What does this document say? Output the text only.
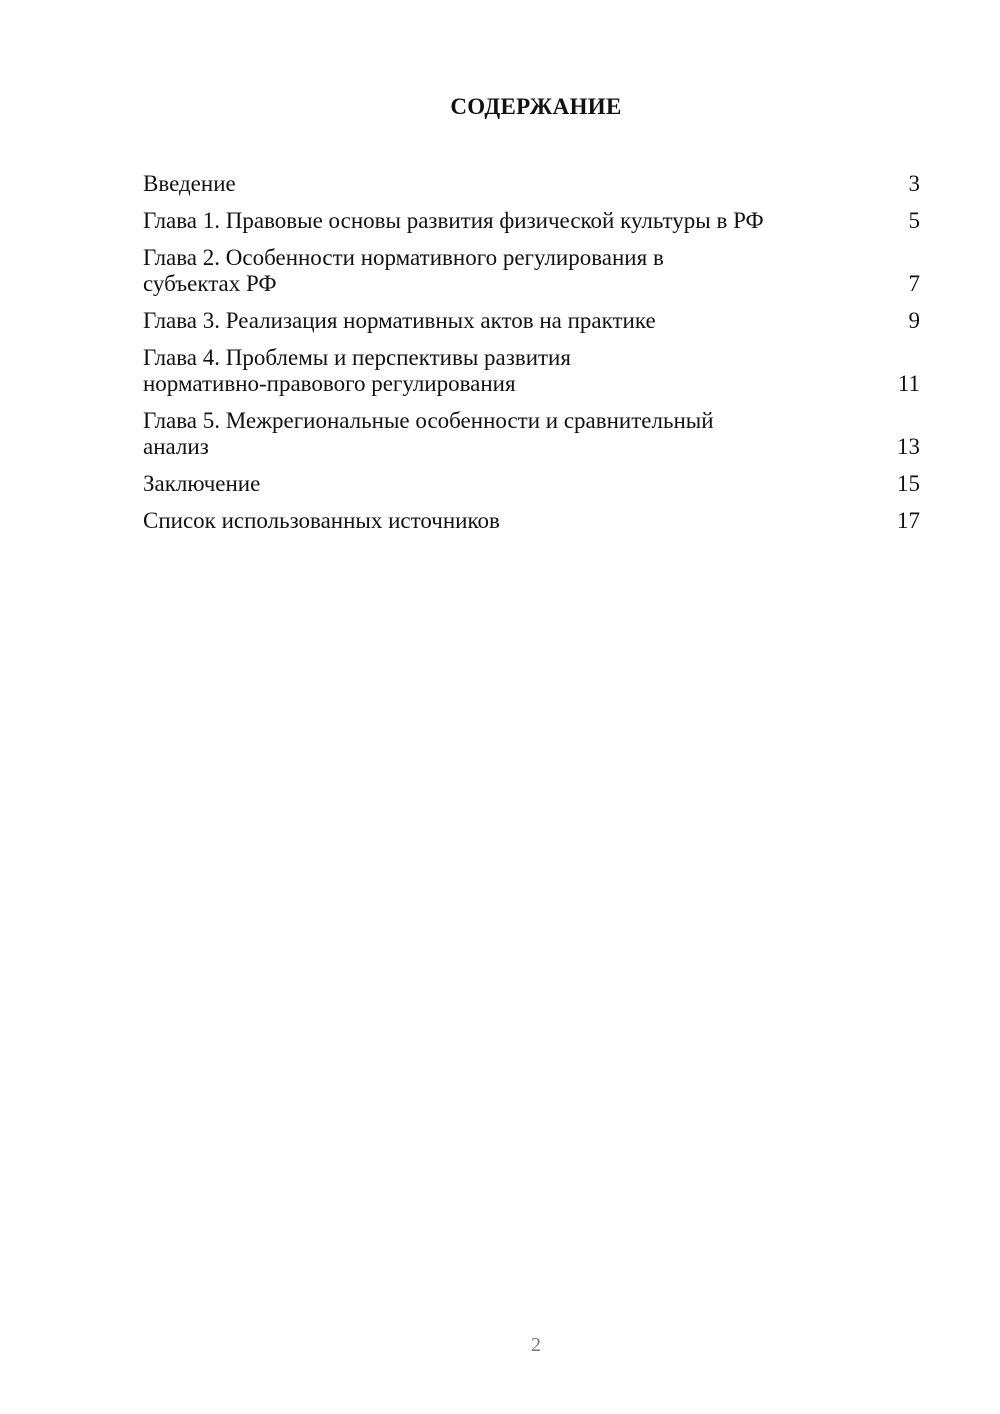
СОДЕРЖАНИЕ
Введение	3
Глава 1. Правовые основы развития физической культуры в РФ	5
Глава 2. Особенности нормативного регулирования в субъектах РФ	7
Глава 3. Реализация нормативных актов на практике	9
Глава 4. Проблемы и перспективы развития нормативно-правового регулирования	11
Глава 5. Межрегиональные особенности и сравнительный анализ	13
Заключение	15
Список использованных источников	17
2
